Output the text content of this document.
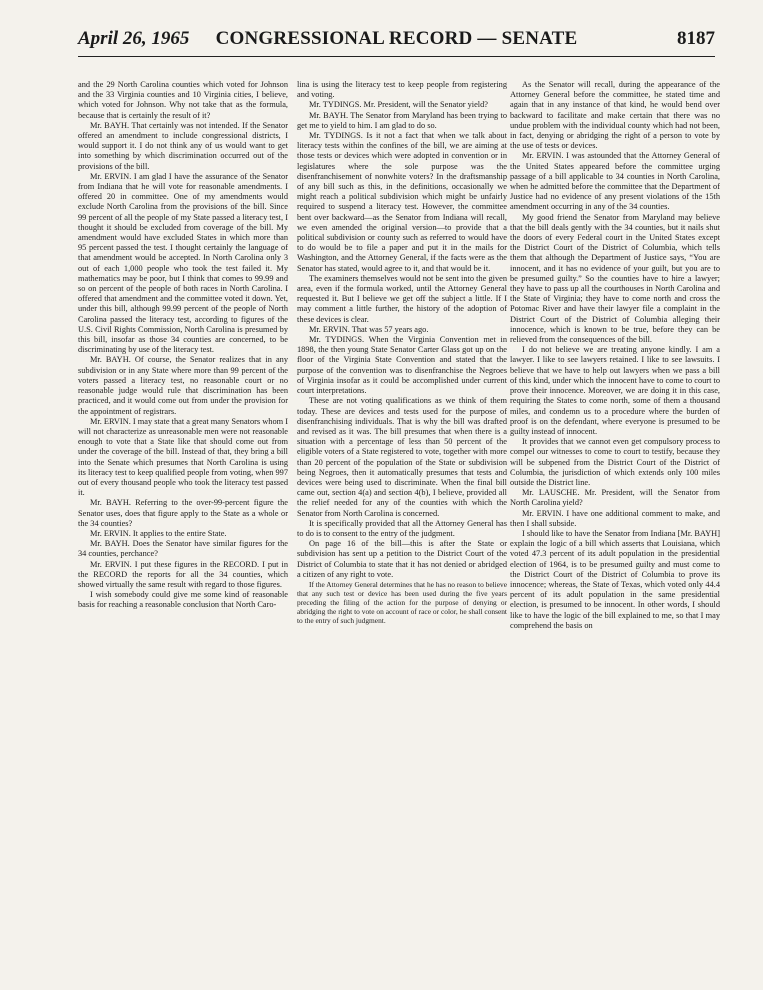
April 26, 1965	CONGRESSIONAL RECORD — SENATE	8187

and the 29 North Carolina counties which voted for Johnson and the 33 Virginia counties and 10 Virginia cities, I believe, which voted for Johnson. Why not take that as the formula, because that is certainly the result of it?

Mr. BAYH. That certainly was not intended. If the Senator offered an amendment to include congressional districts, I would support it. I do not think any of us would want to get into something by which discrimination occurred out of the provisions of the bill.

Mr. ERVIN. I am glad I have the assurance of the Senator from Indiana that he will vote for reasonable amendments. I offered 20 in committee. One of my amendments would exclude North Carolina from the provisions of the bill. Since 99 percent of all the people of my State passed a literacy test, I thought it should be excluded from coverage of the bill. My amendment would have excluded States in which more than 95 percent passed the test. I thought certainly the language of that amendment would be accepted. In North Carolina only 3 out of each 1,000 people who took the test failed it. My mathematics may be poor, but I think that comes to 99.99 and so on percent of the people of both races in North Carolina. I offered that amendment and the committee voted it down. Yet, under this bill, although 99.99 percent of the people of North Carolina passed the literacy test, according to figures of the U.S. Civil Rights Commission, North Carolina is presumed by this bill, insofar as those 34 counties are concerned, to be discriminating by use of the literacy test.

Mr. BAYH. Of course, the Senator realizes that in any subdivision or in any State where more than 99 percent of the voters passed a literacy test, no reasonable court or no reasonable judge would rule that discrimination has been practiced, and it would come out from under the provision for the appointment of registrars.

Mr. ERVIN. I may state that a great many Senators whom I will not characterize as unreasonable men were not reasonable enough to vote that a State like that should come out from under the coverage of the bill. Instead of that, they bring a bill into the Senate which presumes that North Carolina is using its literacy test to keep qualified people from voting, when 997 out of every thousand people who took the literacy test passed it.

Mr. BAYH. Referring to the over-99-percent figure the Senator uses, does that figure apply to the State as a whole or the 34 counties?

Mr. ERVIN. It applies to the entire State.

Mr. BAYH. Does the Senator have similar figures for the 34 counties, perchance?

Mr. ERVIN. I put these figures in the RECORD. I put in the RECORD the reports for all the 34 counties, which showed virtually the same result with regard to those figures.

I wish somebody could give me some kind of reasonable basis for reaching a reasonable conclusion that North Caro-

lina is using the literacy test to keep people from registering and voting.

Mr. TYDINGS. Mr. President, will the Senator yield?

Mr. BAYH. The Senator from Maryland has been trying to get me to yield to him. I am glad to do so.

Mr. TYDINGS. Is it not a fact that when we talk about literacy tests within the confines of the bill, we are aiming at those tests or devices which were adopted in convention or in legislatures where the sole purpose was the disenfranchisement of nonwhite voters? In the draftsmanship of any bill such as this, in the definitions, occasionally we might reach a political subdivision which might be unfairly required to suspend a literacy test. However, the committee bent over backward—as the Senator from Indiana will recall, we even amended the original version—to provide that a political subdivision or county such as referred to would have to do would be to file a paper and put it in the mails for Washington, and the Attorney General, if the facts were as the Senator has stated, would agree to it, and that would be it.

The examiners themselves would not be sent into the given area, even if the formula worked, until the Attorney General requested it. But I believe we get off the subject a little. If I may comment a little further, the history of the adoption of these devices is clear.

Mr. ERVIN. That was 57 years ago.

Mr. TYDINGS. When the Virginia Convention met in 1898, the then young State Senator Carter Glass got up on the floor of the Virginia State Convention and stated that the purpose of the convention was to disenfranchise the Negroes of Virginia insofar as it could be accomplished under current court interpretations.

These are not voting qualifications as we think of them today. These are devices and tests used for the purpose of disenfranchising individuals. That is why the bill was drafted and revised as it was. The bill presumes that when there is a situation with a percentage of less than 50 percent of the eligible voters of a State registered to vote, together with more than 20 percent of the population of the State or subdivision being Negroes, then it automatically presumes that tests and devices were being used to discriminate. When the final bill came out, section 4(a) and section 4(b), I believe, provided all the relief needed for any of the counties with which the Senator from North Carolina is concerned.

It is specifically provided that all the Attorney General has to do is to consent to the entry of the judgment.

On page 16 of the bill—this is after the State or subdivision has sent up a petition to the District Court of the District of Columbia to state that it has not denied or abridged a citizen of any right to vote.

If the Attorney General determines that he has no reason to believe that any such test or device has been used during the five years preceding the filing of the action for the purpose of denying or abridging the right to vote on account of race or color, he shall consent to the entry of such judgment.

As the Senator will recall, during the appearance of the Attorney General before the committee, he stated time and again that in any instance of that kind, he would bend over backward to facilitate and make certain that there was no undue problem with the individual county which had not been, in fact, denying or abridging the right of a person to vote by the use of tests or devices.

Mr. ERVIN. I was astounded that the Attorney General of the United States appeared before the committee urging passage of a bill applicable to 34 counties in North Carolina, when he admitted before the committee that the Department of Justice had no evidence of any present violations of the 15th amendment occurring in any of the 34 counties.

My good friend the Senator from Maryland may believe that the bill deals gently with the 34 counties, but it nails shut the doors of every Federal court in the United States except the District Court of the District of Columbia, which tells them that although the Department of Justice says, “You are innocent, and it has no evidence of your guilt, but you are to be presumed guilty.” So the counties have to hire a lawyer; they have to pass up all the courthouses in North Carolina and the State of Virginia; they have to come north and cross the Potomac River and have their lawyer file a complaint in the District Court of the District of Columbia alleging their innocence, which is known to be true, before they can be relieved from the consequences of the bill.

I do not believe we are treating anyone kindly. I am a lawyer. I like to see lawyers retained. I like to see lawsuits. I believe that we have to help out lawyers when we pass a bill of this kind, under which the innocent have to come to court to prove their innocence. Moreover, we are doing it in this case, requiring the States to come north, some of them a thousand miles, and condemn us to a procedure where the burden of proof is on the defendant, where everyone is presumed to be guilty instead of innocent.

It provides that we cannot even get compulsory process to compel our witnesses to come to court to testify, because they will be subpened from the District Court of the District of Columbia, the jurisdiction of which extends only 100 miles outside the District line.

Mr. LAUSCHE. Mr. President, will the Senator from North Carolina yield?

Mr. ERVIN. I have one additional comment to make, and then I shall subside.

I should like to have the Senator from Indiana [Mr. BAYH] explain the logic of a bill which asserts that Louisiana, which voted 47.3 percent of its adult population in the presidential election of 1964, is to be presumed guilty and must come to the District Court of the District of Columbia to prove its innocence; whereas, the State of Texas, which voted only 44.4 percent of its adult population in the same presidential election, is presumed to be innocent. In other words, I should like to have the logic of the bill explained to me, so that I may comprehend the basis on
